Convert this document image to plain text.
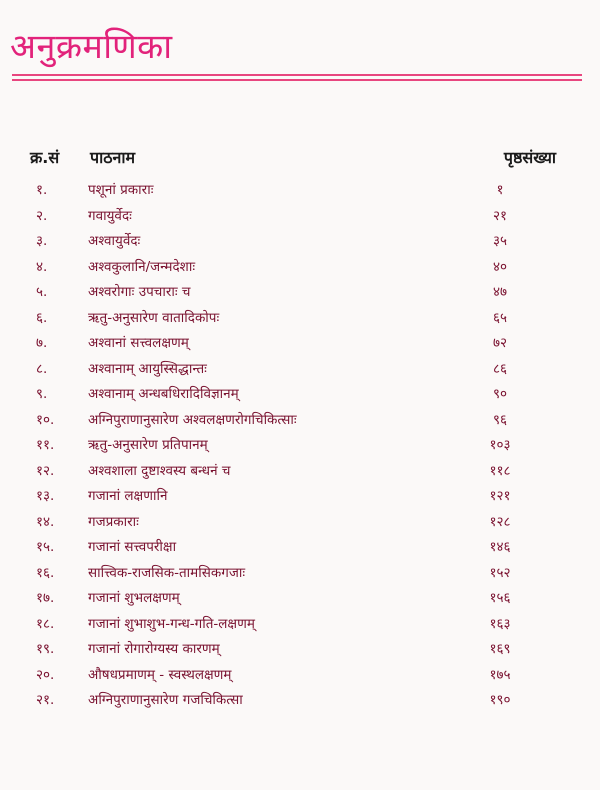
अनुक्रमणिका
क्र.सं पाठनाम	पृष्ठसंख्या
१.	पशूनां प्रकाराः	१
२.	गवायुर्वेदः	२१
३.	अश्वायुर्वेदः	३५
४.	अश्वकुलानि/जन्मदेशाः	४०
५.	अश्वरोगाः उपचाराः च	४७
६.	ऋतु-अनुसारेण वातादिकोपः	६५
७.	अश्वानां सत्त्वलक्षणम्	७२
८.	अश्वानाम् आयुस्सिद्धान्तः	८६
९.	अश्वानाम् अन्धबधिरादिविज्ञानम्	९०
१०. अग्निपुराणानुसारेण अश्वलक्षणरोगचिकित्साः	९६
११. ऋतु-अनुसारेण प्रतिपानम्	१०३
१२. अश्वशाला दुष्टाश्वस्य बन्धनं च	११८
१३. गजानां लक्षणानि	१२१
१४. गजप्रकाराः	१२८
१५. गजानां सत्त्वपरीक्षा	१४६
१६. सात्त्विक-राजसिक-तामसिकगजाः	१५२
१७. गजानां शुभलक्षणम्	१५६
१८. गजानां शुभाशुभ-गन्ध-गति-लक्षणम्	१६३
१९. गजानां रोगारोग्यस्य कारणम्	१६९
२०. औषधप्रमाणम् - स्वस्थलक्षणम्	१७५
२१. अग्निपुराणानुसारेण गजचिकित्सा	१९०
